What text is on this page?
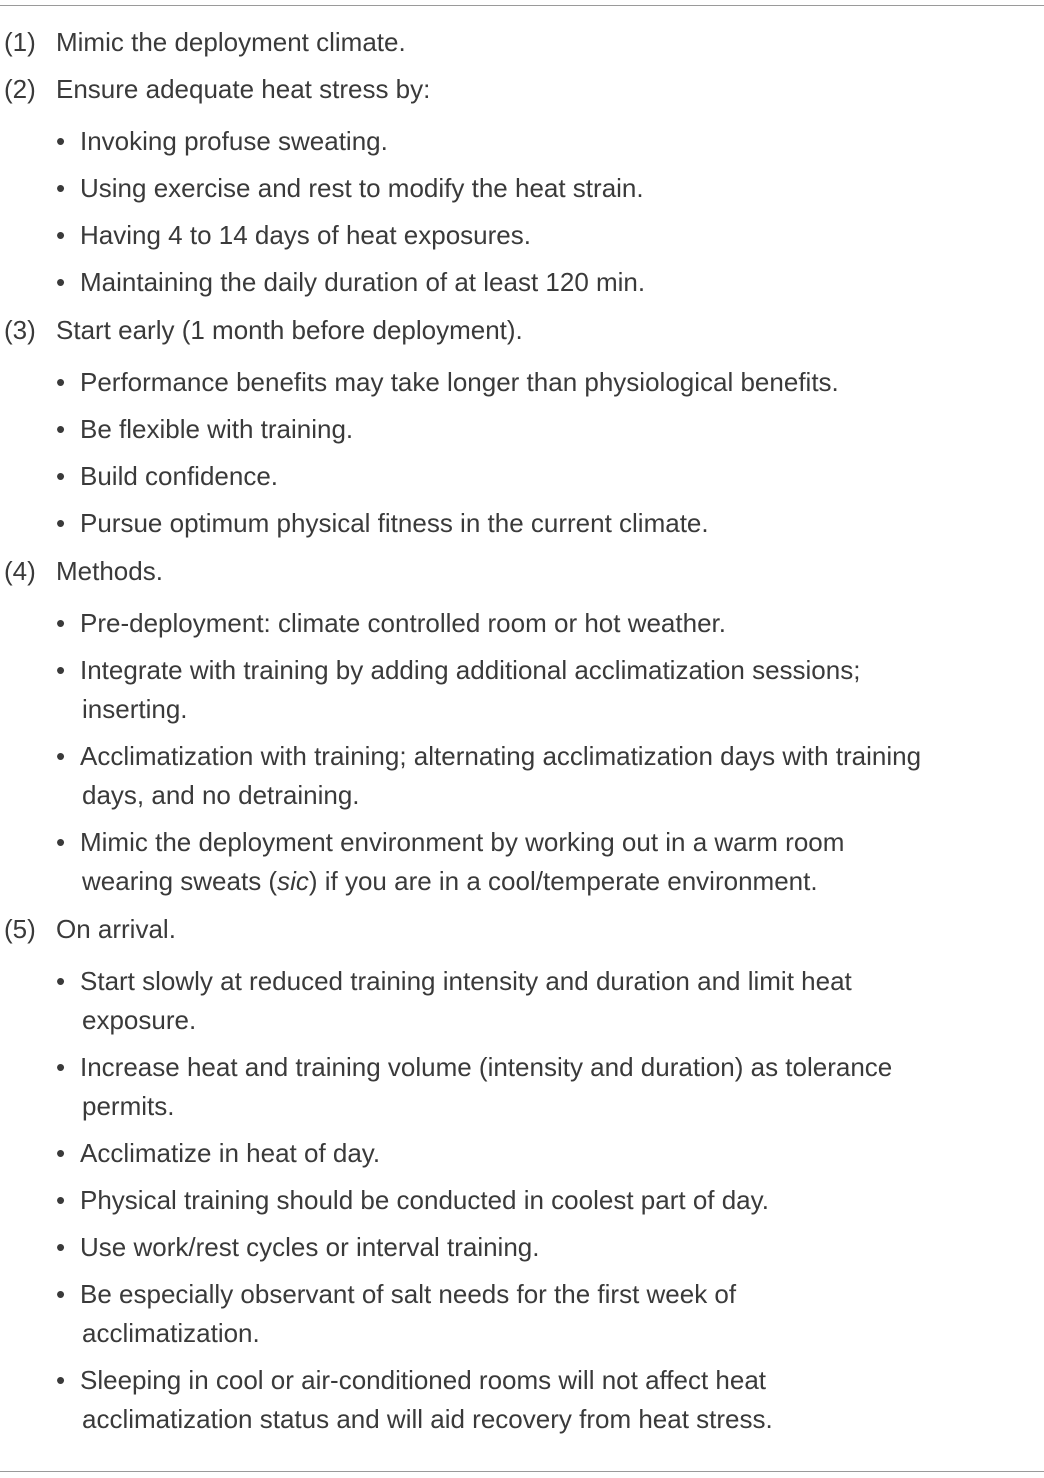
(1) Mimic the deployment climate.
(2) Ensure adequate heat stress by:
• Invoking profuse sweating.
• Using exercise and rest to modify the heat strain.
• Having 4 to 14 days of heat exposures.
• Maintaining the daily duration of at least 120 min.
(3) Start early (1 month before deployment).
• Performance benefits may take longer than physiological benefits.
• Be flexible with training.
• Build confidence.
• Pursue optimum physical fitness in the current climate.
(4) Methods.
• Pre-deployment: climate controlled room or hot weather.
• Integrate with training by adding additional acclimatization sessions;
inserting.
• Acclimatization with training; alternating acclimatization days with training
days, and no detraining.
• Mimic the deployment environment by working out in a warm room
wearing sweats (sic) if you are in a cool/temperate environment.
(5) On arrival.
• Start slowly at reduced training intensity and duration and limit heat
exposure.
• Increase heat and training volume (intensity and duration) as tolerance
permits.
• Acclimatize in heat of day.
• Physical training should be conducted in coolest part of day.
• Use work/rest cycles or interval training.
• Be especially observant of salt needs for the first week of
acclimatization.
• Sleeping in cool or air-conditioned rooms will not affect heat
acclimatization status and will aid recovery from heat stress.
